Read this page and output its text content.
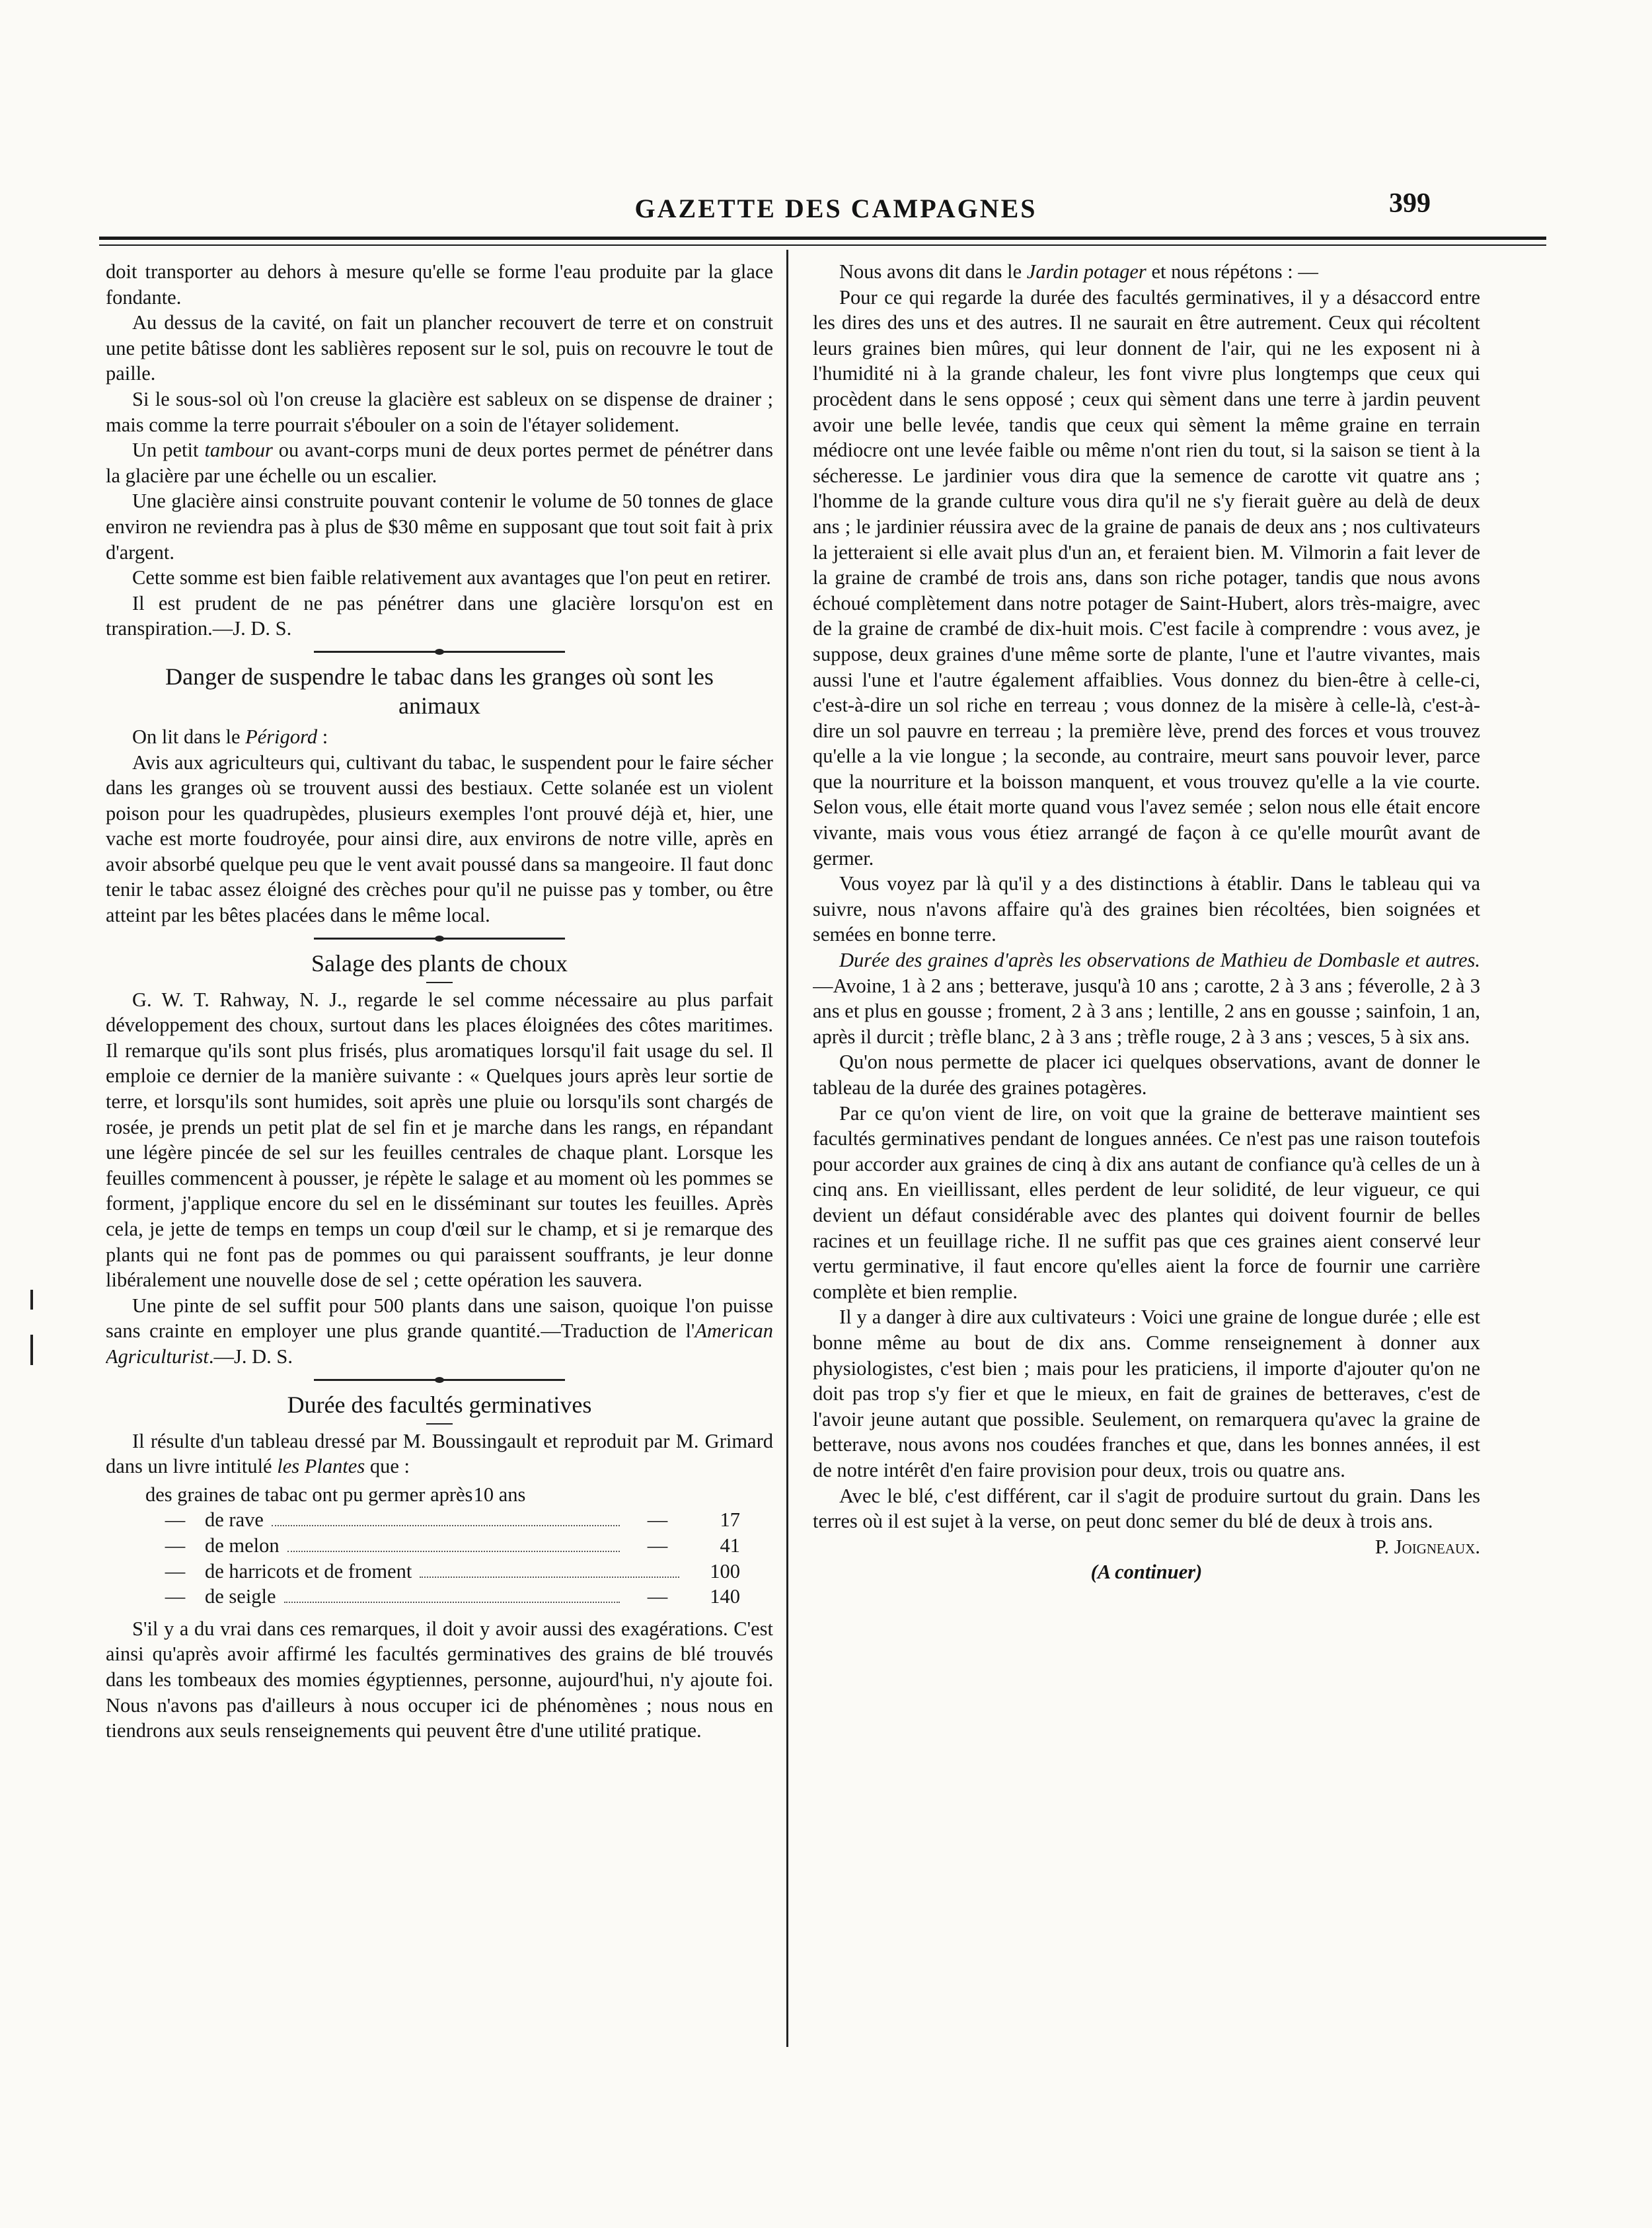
GAZETTE DES CAMPAGNES	399

doit transporter au dehors à mesure qu'elle se forme l'eau produite par la glace fondante.

Au dessus de la cavité, on fait un plancher recouvert de terre et on construit une petite bâtisse dont les sablières reposent sur le sol, puis on recouvre le tout de paille.

Si le sous-sol où l'on creuse la glacière est sableux on se dispense de drainer ; mais comme la terre pourrait s'ébouler on a soin de l'étayer solidement.

Un petit tambour ou avant-corps muni de deux portes permet de pénétrer dans la glacière par une échelle ou un escalier.

Une glacière ainsi construite pouvant contenir le volume de 50 tonnes de glace environ ne reviendra pas à plus de $30 même en supposant que tout soit fait à prix d'argent.

Cette somme est bien faible relativement aux avantages que l'on peut en retirer.

Il est prudent de ne pas pénétrer dans une glacière lorsqu'on est en transpiration.—J. D. S.

Danger de suspendre le tabac dans les granges où sont les animaux

On lit dans le Périgord :

Avis aux agriculteurs qui, cultivant du tabac, le suspendent pour le faire sécher dans les granges où se trouvent aussi des bestiaux. Cette solanée est un violent poison pour les quadrupèdes, plusieurs exemples l'ont prouvé déjà et, hier, une vache est morte foudroyée, pour ainsi dire, aux environs de notre ville, après en avoir absorbé quelque peu que le vent avait poussé dans sa mangeoire. Il faut donc tenir le tabac assez éloigné des crèches pour qu'il ne puisse pas y tomber, ou être atteint par les bêtes placées dans le même local.

Salage des plants de choux

G. W. T. Rahway, N. J., regarde le sel comme nécessaire au plus parfait développement des choux, surtout dans les places éloignées des côtes maritimes. Il remarque qu'ils sont plus frisés, plus aromatiques lorsqu'il fait usage du sel. Il emploie ce dernier de la manière suivante : « Quelques jours après leur sortie de terre, et lorsqu'ils sont humides, soit après une pluie ou lorsqu'ils sont chargés de rosée, je prends un petit plat de sel fin et je marche dans les rangs, en répandant une légère pincée de sel sur les feuilles centrales de chaque plant. Lorsque les feuilles commencent à pousser, je répète le salage et au moment où les pommes se forment, j'applique encore du sel en le disséminant sur toutes les feuilles. Après cela, je jette de temps en temps un coup d'œil sur le champ, et si je remarque des plants qui ne font pas de pommes ou qui paraissent souffrants, je leur donne libéralement une nouvelle dose de sel ; cette opération les sauvera.

Une pinte de sel suffit pour 500 plants dans une saison, quoique l'on puisse sans crainte en employer une plus grande quantité.—Traduction de l'American Agriculturist.—J. D. S.

Durée des facultés germinatives

Il résulte d'un tableau dressé par M. Boussingault et reproduit par M. Grimard dans un livre intitulé les Plantes que :

des graines de tabac ont pu germer après 10 ans
— de rave	—	17
— de melon	—	41
— de harricots et de froment	100
— de seigle	—	140

S'il y a du vrai dans ces remarques, il doit y avoir aussi des exagérations. C'est ainsi qu'après avoir affirmé les facultés germinatives des grains de blé trouvés dans les tombeaux des momies égyptiennes, personne, aujourd'hui, n'y ajoute foi. Nous n'avons pas d'ailleurs à nous occuper ici de phénomènes ; nous nous en tiendrons aux seuls renseignements qui peuvent être d'une utilité pratique.

Nous avons dit dans le Jardin potager et nous répétons : —

Pour ce qui regarde la durée des facultés germinatives, il y a désaccord entre les dires des uns et des autres. Il ne saurait en être autrement. Ceux qui récoltent leurs graines bien mûres, qui leur donnent de l'air, qui ne les exposent ni à l'humidité ni à la grande chaleur, les font vivre plus longtemps que ceux qui procèdent dans le sens opposé ; ceux qui sèment dans une terre à jardin peuvent avoir une belle levée, tandis que ceux qui sèment la même graine en terrain médiocre ont une levée faible ou même n'ont rien du tout, si la saison se tient à la sécheresse. Le jardinier vous dira que la semence de carotte vit quatre ans ; l'homme de la grande culture vous dira qu'il ne s'y fierait guère au delà de deux ans ; le jardinier réussira avec de la graine de panais de deux ans ; nos cultivateurs la jetteraient si elle avait plus d'un an, et feraient bien. M. Vilmorin a fait lever de la graine de crambé de trois ans, dans son riche potager, tandis que nous avons échoué complètement dans notre potager de Saint-Hubert, alors très-maigre, avec de la graine de crambé de dix-huit mois. C'est facile à comprendre : vous avez, je suppose, deux graines d'une même sorte de plante, l'une et l'autre vivantes, mais aussi l'une et l'autre également affaiblies. Vous donnez du bien-être à celle-ci, c'est-à-dire un sol riche en terreau ; vous donnez de la misère à celle-là, c'est-à-dire un sol pauvre en terreau ; la première lève, prend des forces et vous trouvez qu'elle a la vie longue ; la seconde, au contraire, meurt sans pouvoir lever, parce que la nourriture et la boisson manquent, et vous trouvez qu'elle a la vie courte. Selon vous, elle était morte quand vous l'avez semée ; selon nous elle était encore vivante, mais vous vous étiez arrangé de façon à ce qu'elle mourût avant de germer.

Vous voyez par là qu'il y a des distinctions à établir. Dans le tableau qui va suivre, nous n'avons affaire qu'à des graines bien récoltées, bien soignées et semées en bonne terre.

Durée des graines d'après les observations de Mathieu de Dombasle et autres.—Avoine, 1 à 2 ans ; betterave, jusqu'à 10 ans ; carotte, 2 à 3 ans ; féverolle, 2 à 3 ans et plus en gousse ; froment, 2 à 3 ans ; lentille, 2 ans en gousse ; sainfoin, 1 an, après il durcit ; trèfle blanc, 2 à 3 ans ; trèfle rouge, 2 à 3 ans ; vesces, 5 à six ans.

Qu'on nous permette de placer ici quelques observations, avant de donner le tableau de la durée des graines potagères.

Par ce qu'on vient de lire, on voit que la graine de betterave maintient ses facultés germinatives pendant de longues années. Ce n'est pas une raison toutefois pour accorder aux graines de cinq à dix ans autant de confiance qu'à celles de un à cinq ans. En vieillissant, elles perdent de leur solidité, de leur vigueur, ce qui devient un défaut considérable avec des plantes qui doivent fournir de belles racines et un feuillage riche. Il ne suffit pas que ces graines aient conservé leur vertu germinative, il faut encore qu'elles aient la force de fournir une carrière complète et bien remplie.

Il y a danger à dire aux cultivateurs : Voici une graine de longue durée ; elle est bonne même au bout de dix ans. Comme renseignement à donner aux physiologistes, c'est bien ; mais pour les praticiens, il importe d'ajouter qu'on ne doit pas trop s'y fier et que le mieux, en fait de graines de betteraves, c'est de l'avoir jeune autant que possible. Seulement, on remarquera qu'avec la graine de betterave, nous avons nos coudées franches et que, dans les bonnes années, il est de notre intérêt d'en faire provision pour deux, trois ou quatre ans.

Avec le blé, c'est différent, car il s'agit de produire surtout du grain. Dans les terres où il est sujet à la verse, on peut donc semer du blé de deux à trois ans.

P. Joigneaux.

(A continuer)
